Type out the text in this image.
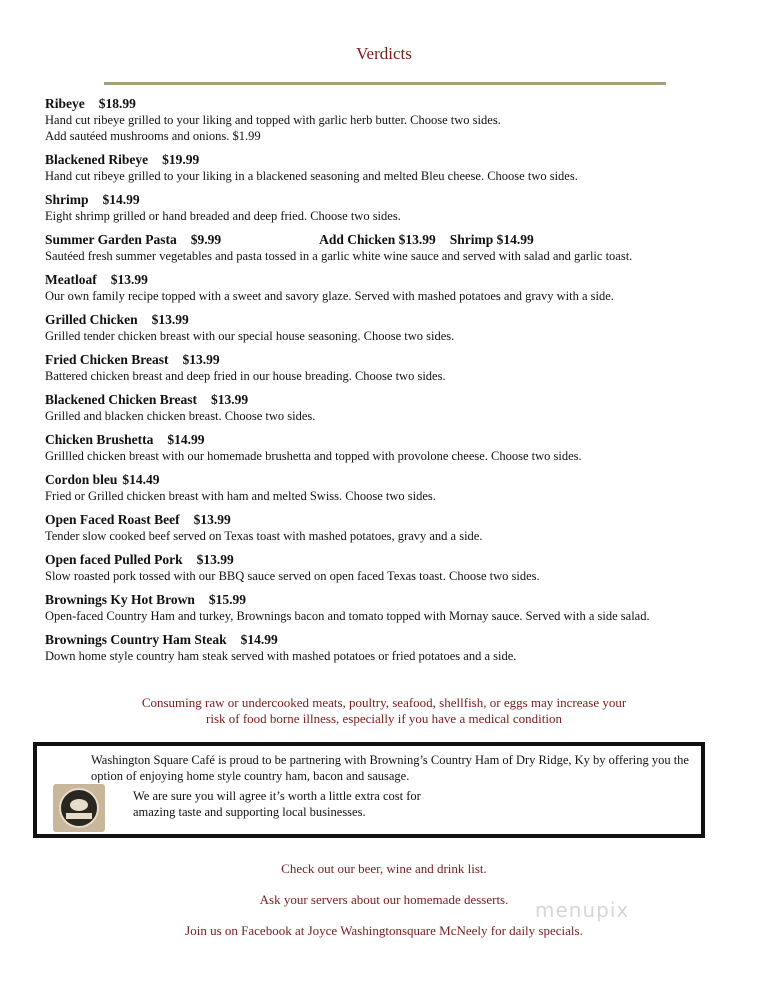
Verdicts
Ribeye $18.99
Hand cut ribeye grilled to your liking and topped with garlic herb butter. Choose two sides.
Add sautéed mushrooms and onions. $1.99
Blackened Ribeye $19.99
Hand cut ribeye grilled to your liking in a blackened seasoning and melted Bleu cheese. Choose two sides.
Shrimp $14.99
Eight shrimp grilled or hand breaded and deep fried. Choose two sides.
Summer Garden Pasta $9.99	Add Chicken $13.99 Shrimp $14.99
Sautéed fresh summer vegetables and pasta tossed in a garlic white wine sauce and served with salad and garlic toast.
Meatloaf $13.99
Our own family recipe topped with a sweet and savory glaze. Served with mashed potatoes and gravy with a side.
Grilled Chicken $13.99
Grilled tender chicken breast with our special house seasoning. Choose two sides.
Fried Chicken Breast $13.99
Battered chicken breast and deep fried in our house breading. Choose two sides.
Blackened Chicken Breast $13.99
Grilled and blacken chicken breast. Choose two sides.
Chicken Brushetta $14.99
Grillled chicken breast with our homemade brushetta and topped with provolone cheese. Choose two sides.
Cordon bleu $14.49
Fried or Grilled chicken breast with ham and melted Swiss. Choose two sides.
Open Faced Roast Beef $13.99
Tender slow cooked beef served on Texas toast with mashed potatoes, gravy and a side.
Open faced Pulled Pork $13.99
Slow roasted pork tossed with our BBQ sauce served on open faced Texas toast. Choose two sides.
Brownings Ky Hot Brown $15.99
Open-faced Country Ham and turkey, Brownings bacon and tomato topped with Mornay sauce. Served with a side salad.
Brownings Country Ham Steak $14.99
Down home style country ham steak served with mashed potatoes or fried potatoes and a side.
Consuming raw or undercooked meats, poultry, seafood, shellfish, or eggs may increase your
risk of food borne illness, especially if you have a medical condition
Washington Square Café is proud to be partnering with Browning’s Country Ham of Dry Ridge, Ky by offering you the option of enjoying home style country ham, bacon and sausage.
We are sure you will agree it’s worth a little extra cost for amazing taste and supporting local businesses.
Check out our beer, wine and drink list.
Ask your servers about our homemade desserts.
Join us on Facebook at Joyce Washingtonsquare McNeely for daily specials.
menupix
